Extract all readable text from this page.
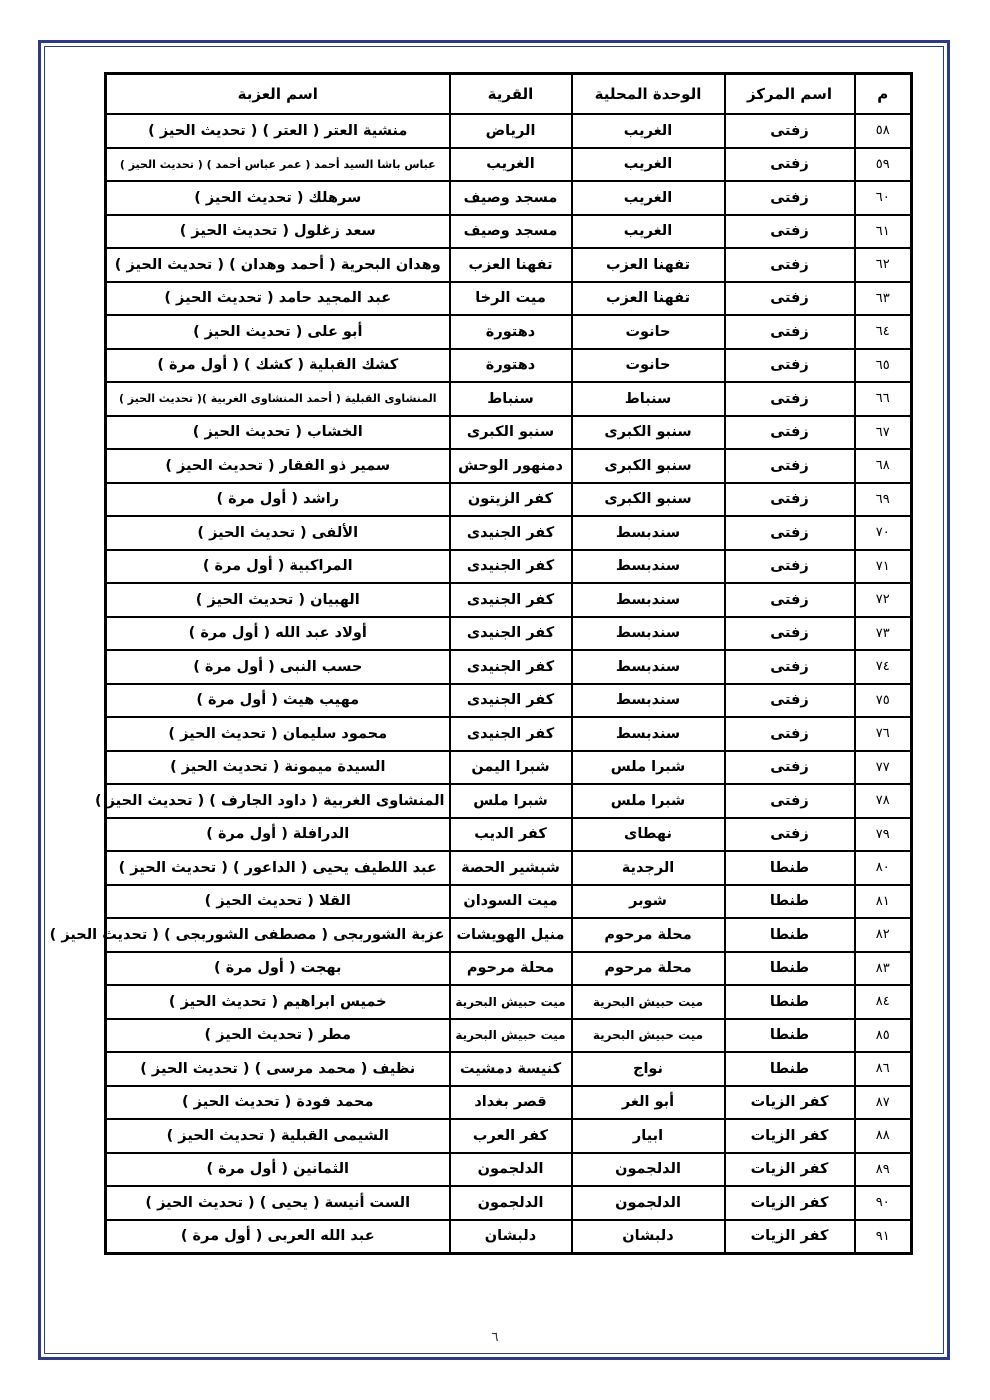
م	اسم المركز	الوحدة المحلية	القرية	اسم العزبة
٥٨	زفتى	الغريب	الرياض	منشية العتر ( العتر ) ( تحديث الحيز )
٥٩	زفتى	الغريب	الغريب	عباس باشا السيد أحمد ( عمر عباس أحمد ) ( تحديث الحيز )
٦٠	زفتى	الغريب	مسجد وصيف	سرهلك ( تحديث الحيز )
٦١	زفتى	الغريب	مسجد وصيف	سعد زغلول ( تحديث الحيز )
٦٢	زفتى	تفهنا العزب	تفهنا العزب	وهدان البحرية ( أحمد وهدان ) ( تحديث الحيز )
٦٣	زفتى	تفهنا العزب	ميت الرخا	عبد المجيد حامد ( تحديث الحيز )
٦٤	زفتى	حانوت	دهتورة	أبو على ( تحديث الحيز )
٦٥	زفتى	حانوت	دهتورة	كشك القبلية ( كشك ) ( أول مرة )
٦٦	زفتى	سنباط	سنباط	المنشاوى القبلية ( أحمد المنشاوى الغربية )( تحديث الحيز )
٦٧	زفتى	سنبو الكبرى	سنبو الكبرى	الخشاب ( تحديث الحيز )
٦٨	زفتى	سنبو الكبرى	دمنهور الوحش	سمير ذو الفقار ( تحديث الحيز )
٦٩	زفتى	سنبو الكبرى	كفر الزيتون	راشد ( أول مرة )
٧٠	زفتى	سندبسط	كفر الجنيدى	الألفى ( تحديث الحيز )
٧١	زفتى	سندبسط	كفر الجنيدى	المراكبية ( أول مرة )
٧٢	زفتى	سندبسط	كفر الجنيدى	الهبيان ( تحديث الحيز )
٧٣	زفتى	سندبسط	كفر الجنيدى	أولاد عبد الله ( أول مرة )
٧٤	زفتى	سندبسط	كفر الجنيدى	حسب النبى ( أول مرة )
٧٥	زفتى	سندبسط	كفر الجنيدى	مهيب هيث ( أول مرة )
٧٦	زفتى	سندبسط	كفر الجنيدى	محمود سليمان ( تحديث الحيز )
٧٧	زفتى	شبرا ملس	شبرا اليمن	السيدة ميمونة ( تحديث الحيز )
٧٨	زفتى	شبرا ملس	شبرا ملس	المنشاوى الغربية ( داود الجارف ) ( تحديث الحيز )
٧٩	زفتى	نهطاى	كفر الديب	الدرافلة ( أول مرة )
٨٠	طنطا	الرجدية	شبشير الحصة	عبد اللطيف يحيى ( الداعور ) ( تحديث الحيز )
٨١	طنطا	شوبر	ميت السودان	القلا ( تحديث الحيز )
٨٢	طنطا	محلة مرحوم	منيل الهويشات	عزبة الشوربجى ( مصطفى الشوربجى ) ( تحديث الحيز )
٨٣	طنطا	محلة مرحوم	محلة مرحوم	بهجت ( أول مرة )
٨٤	طنطا	ميت حبيش البحرية	ميت حبيش البحرية	خميس ابراهيم ( تحديث الحيز )
٨٥	طنطا	ميت حبيش البحرية	ميت حبيش البحرية	مطر ( تحديث الحيز )
٨٦	طنطا	نواج	كنيسة دمشيت	نظيف ( محمد مرسى ) ( تحديث الحيز )
٨٧	كفر الزيات	أبو الغر	قصر بغداد	محمد فودة ( تحديث الحيز )
٨٨	كفر الزيات	ابيار	كفر العرب	الشيمى القبلية ( تحديث الحيز )
٨٩	كفر الزيات	الدلجمون	الدلجمون	الثمانين ( أول مرة )
٩٠	كفر الزيات	الدلجمون	الدلجمون	الست أنيسة ( يحيى ) ( تحديث الحيز )
٩١	كفر الزيات	دلبشان	دلبشان	عبد الله العربى ( أول مرة )
٦
